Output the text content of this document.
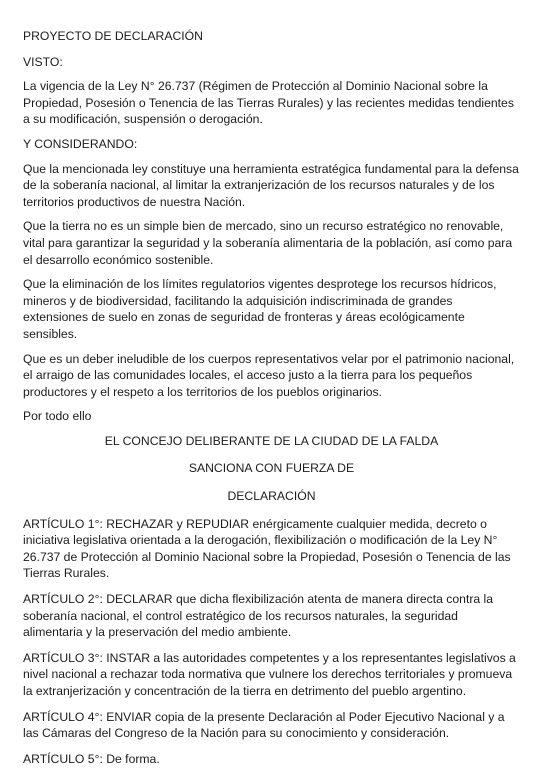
PROYECTO DE DECLARACIÓN

VISTO:

La vigencia de la Ley N° 26.737 (Régimen de Protección al Dominio Nacional sobre la Propiedad, Posesión o Tenencia de las Tierras Rurales) y las recientes medidas tendientes a su modificación, suspensión o derogación.

Y CONSIDERANDO:

Que la mencionada ley constituye una herramienta estratégica fundamental para la defensa de la soberanía nacional, al limitar la extranjerización de los recursos naturales y de los territorios productivos de nuestra Nación.

Que la tierra no es un simple bien de mercado, sino un recurso estratégico no renovable, vital para garantizar la seguridad y la soberanía alimentaria de la población, así como para el desarrollo económico sostenible.

Que la eliminación de los límites regulatorios vigentes desprotege los recursos hídricos, mineros y de biodiversidad, facilitando la adquisición indiscriminada de grandes extensiones de suelo en zonas de seguridad de fronteras y áreas ecológicamente sensibles.

Que es un deber ineludible de los cuerpos representativos velar por el patrimonio nacional, el arraigo de las comunidades locales, el acceso justo a la tierra para los pequeños productores y el respeto a los territorios de los pueblos originarios.

Por todo ello

EL CONCEJO DELIBERANTE DE LA CIUDAD DE LA FALDA

SANCIONA CON FUERZA DE

DECLARACIÓN

ARTÍCULO 1°: RECHAZAR y REPUDIAR enérgicamente cualquier medida, decreto o iniciativa legislativa orientada a la derogación, flexibilización o modificación de la Ley N° 26.737 de Protección al Dominio Nacional sobre la Propiedad, Posesión o Tenencia de las Tierras Rurales.

ARTÍCULO 2°: DECLARAR que dicha flexibilización atenta de manera directa contra la soberanía nacional, el control estratégico de los recursos naturales, la seguridad alimentaria y la preservación del medio ambiente.

ARTÍCULO 3°: INSTAR a las autoridades competentes y a los representantes legislativos a nivel nacional a rechazar toda normativa que vulnere los derechos territoriales y promueva la extranjerización y concentración de la tierra en detrimento del pueblo argentino.

ARTÍCULO 4°: ENVIAR copia de la presente Declaración al Poder Ejecutivo Nacional y a las Cámaras del Congreso de la Nación para su conocimiento y consideración.

ARTÍCULO 5°: De forma.
